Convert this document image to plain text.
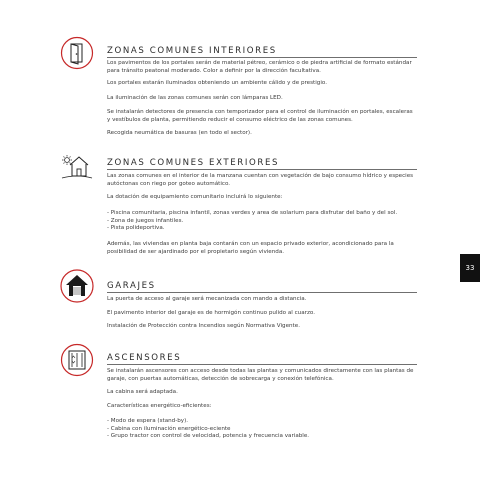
ZONAS COMUNES INTERIORES

Los pavimentos de los portales serán de material pétreo, cerámico o de piedra artificial de formato estándar para tránsito peatonal moderado. Color a definir por la dirección facultativa.

Los portales estarán iluminados obteniendo un ambiente cálido y de prestigio.

La iluminación de las zonas comunes serán con lámparas LED.

Se instalarán detectores de presencia con temporizador para el control de iluminación en portales, escaleras y vestíbulos de planta, permitiendo reducir el consumo eléctrico de las zonas comunes.

Recogida neumática de basuras (en todo el sector).

ZONAS COMUNES EXTERIORES

Las zonas comunes en el interior de la manzana cuentan con vegetación de bajo consumo hídrico y especies autóctonas con riego por goteo automático.

La dotación de equipamiento comunitario incluirá lo siguiente:

- Piscina comunitaria, piscina infantil, zonas verdes y area de solarium para disfrutar del baño y del sol.
- Zona de juegos infantiles.
- Pista polideportiva.

Además, las viviendas en planta baja contarán con un espacio privado exterior, acondicionado para la posibilidad de ser ajardinado por el propietario según vivienda.

GARAJES

La puerta de acceso al garaje será mecanizada con mando a distancia.

El pavimento interior del garaje es de hormigón continuo pulido al cuarzo.

Instalación de Protección contra Incendios según Normativa Vigente.

ASCENSORES

Se instalarán ascensores con acceso desde todas las plantas y comunicados directamente con las plantas de garaje, con puertas automáticas, detección de sobrecarga y conexión telefónica.

La cabina será adaptada.

Características energético-eficientes:

- Modo de espera (stand-by).
- Cabina con iluminación energético-eciente
- Grupo tractor con control de velocidad, potencia y frecuencia variable.

33
